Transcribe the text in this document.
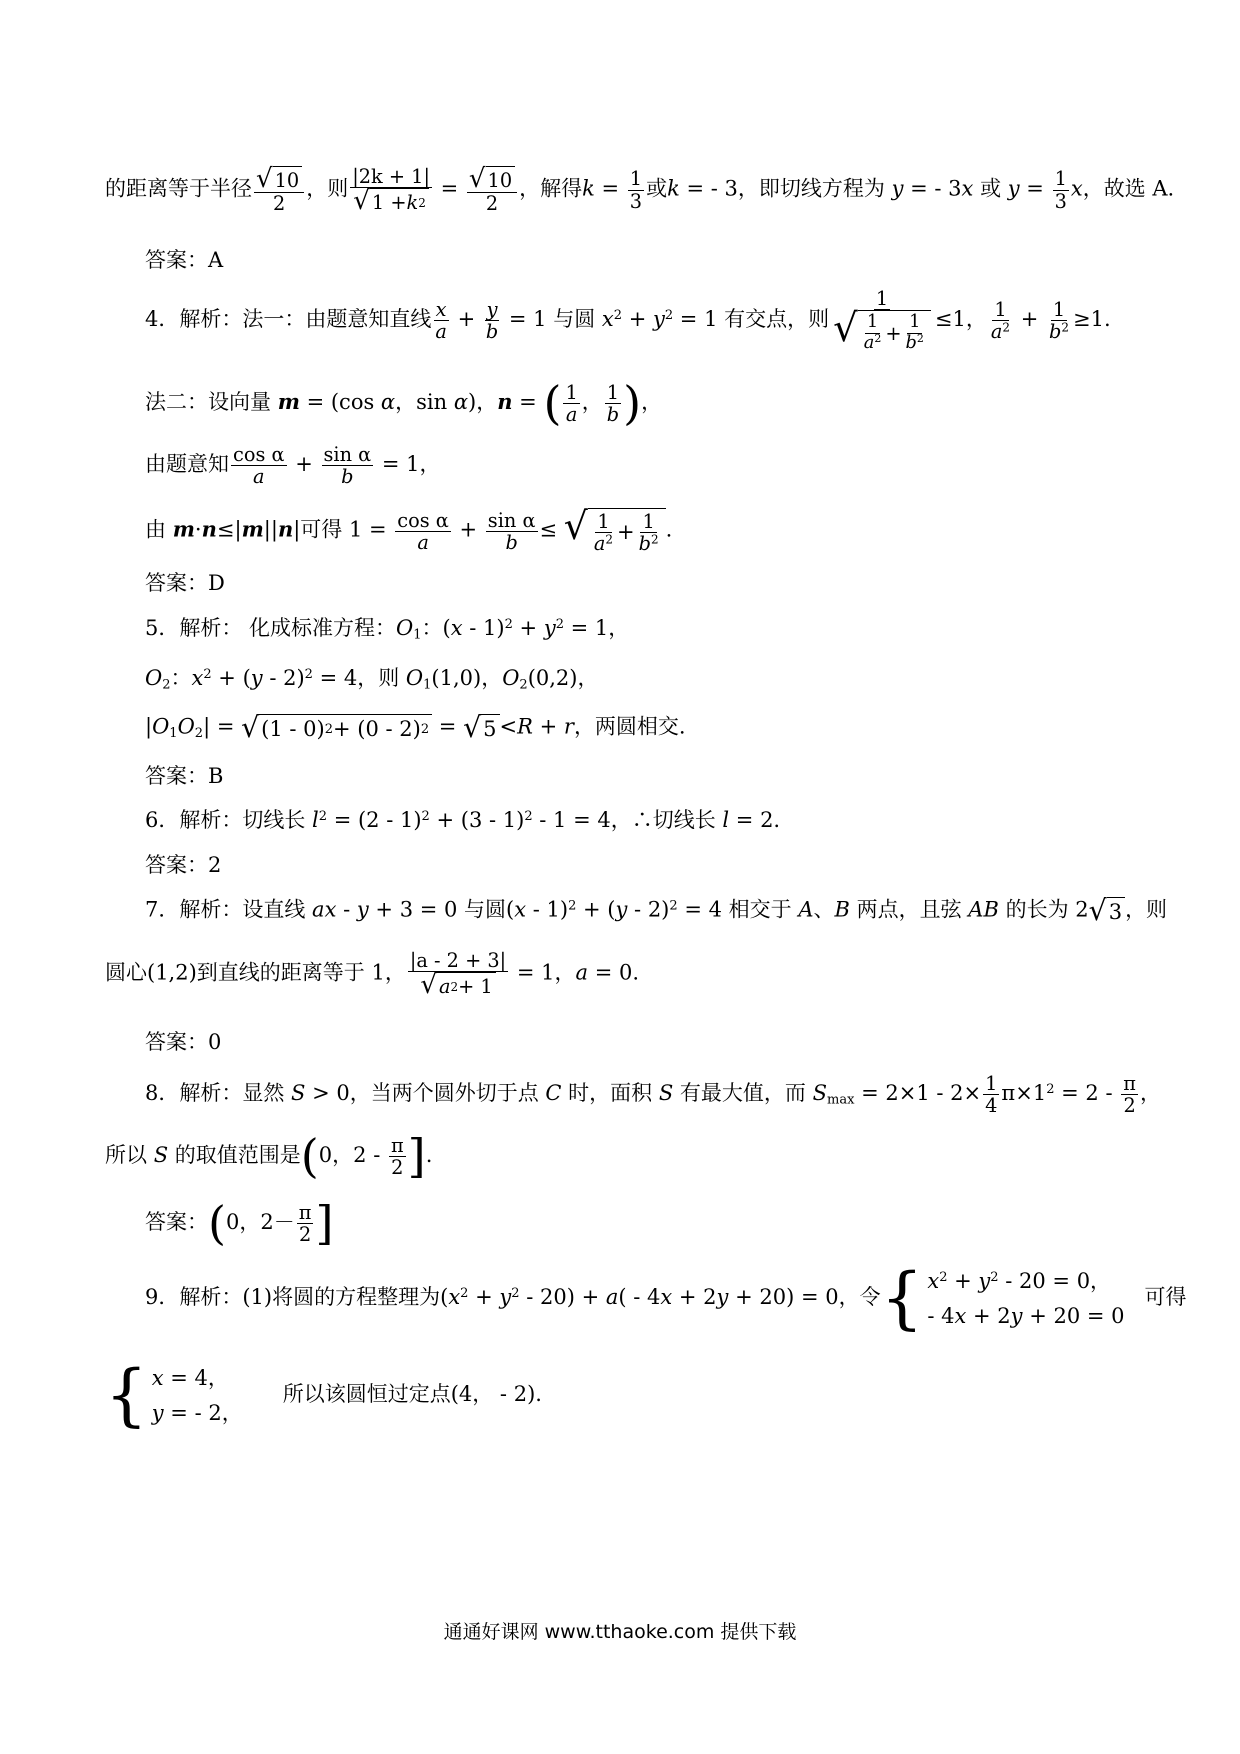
的距离等于半径 $\frac{√ 10}{2}$ ，则 $\frac{|2k + 1|}{√ 1 + k 2} = \frac{√ 10}{2}$ ，解得$k = \frac{1}{3}$ 或k = - 3，即切线方程为 y = - 3x 或 $y = \frac{1}{3}$ x，故选 A.
答案：A
4．解析：法一：由题意知直线 $\frac{x}{a} + \frac{y}{b} = 1$ 与圆 $x^2 + y^2 = 1$ 有交点，则 $\frac{1}{√ \frac{1}{a^2} + \frac{1}{b^2}} \le 1$， $\frac{1}{a^2} + \frac{1}{b^2} \ge 1$.
法二：设向量 m = (cos α，sin α)，n = ( $\frac{1}{a}$ ， $\frac{1}{b}$ )，
由题意知 $\frac{\text{cos α}}{a} + \frac{\text{sin α}}{b} = 1$，
由 m·n≤|m||n|可得 $1 = \frac{\text{cos α}}{a} + \frac{\text{sin α}}{b}$ ≤ √ $\frac{1}{a^2} + \frac{1}{b^2}$ .
答案：D
5．解析： 化成标准方程：$O_1$：$(x - 1)^2 + y^2 = 1$，
$O_2$：$x^2 + (y - 2)^2 = 4$，则 $O_1(1,0)$，$O_2(0,2)$，
$|O_1O_2|$ = √ (1 - 0) 2 + (0 - 2) 2 = √ 5 <R + r，两圆相交.
答案：B
6．解析：切线长 $l^2 = (2 - 1)^2 + (3 - 1)^2 - 1 = 4$，∴切线长 l = 2.
答案：2
7．解析：设直线 ax - y + 3 = 0 与圆(x - 1)$^2$ + (y - 2)$^2$ = 4 相交于 A、B 两点，且弦 AB 的长为 2 √ 3 ，则
圆心(1,2)到直线的距离等于 1， $\frac{|a - 2 + 3|}{√ a 2 + 1} = 1$，a = 0.
答案：0
8．解析：显然 S > 0，当两个圆外切于点 C 时，面积 S 有最大值，而 $S_{max} = 2\times 1 - 2\times \frac{1}{4} \pi\times 1^2 = 2 - \frac{\pi}{2}$ ，
所以 S 的取值范围是(0，$2 - \frac{\pi}{2}$ ].
答案：(0，$2- \frac{\pi}{2}$ ]
9．解析：(1)将圆的方程整理为$(x^2 + y^2 - 20) + a( - 4x + 2y + 20) = 0$，令 { $x^2 + y^2 - 20 = 0$，
- 4x + 2y + 20 = 0
可得
{ x = 4，
y = - 2，
所以该圆恒过定点(4， - 2).
通通好课网 www.tthaoke.com 提供下载
